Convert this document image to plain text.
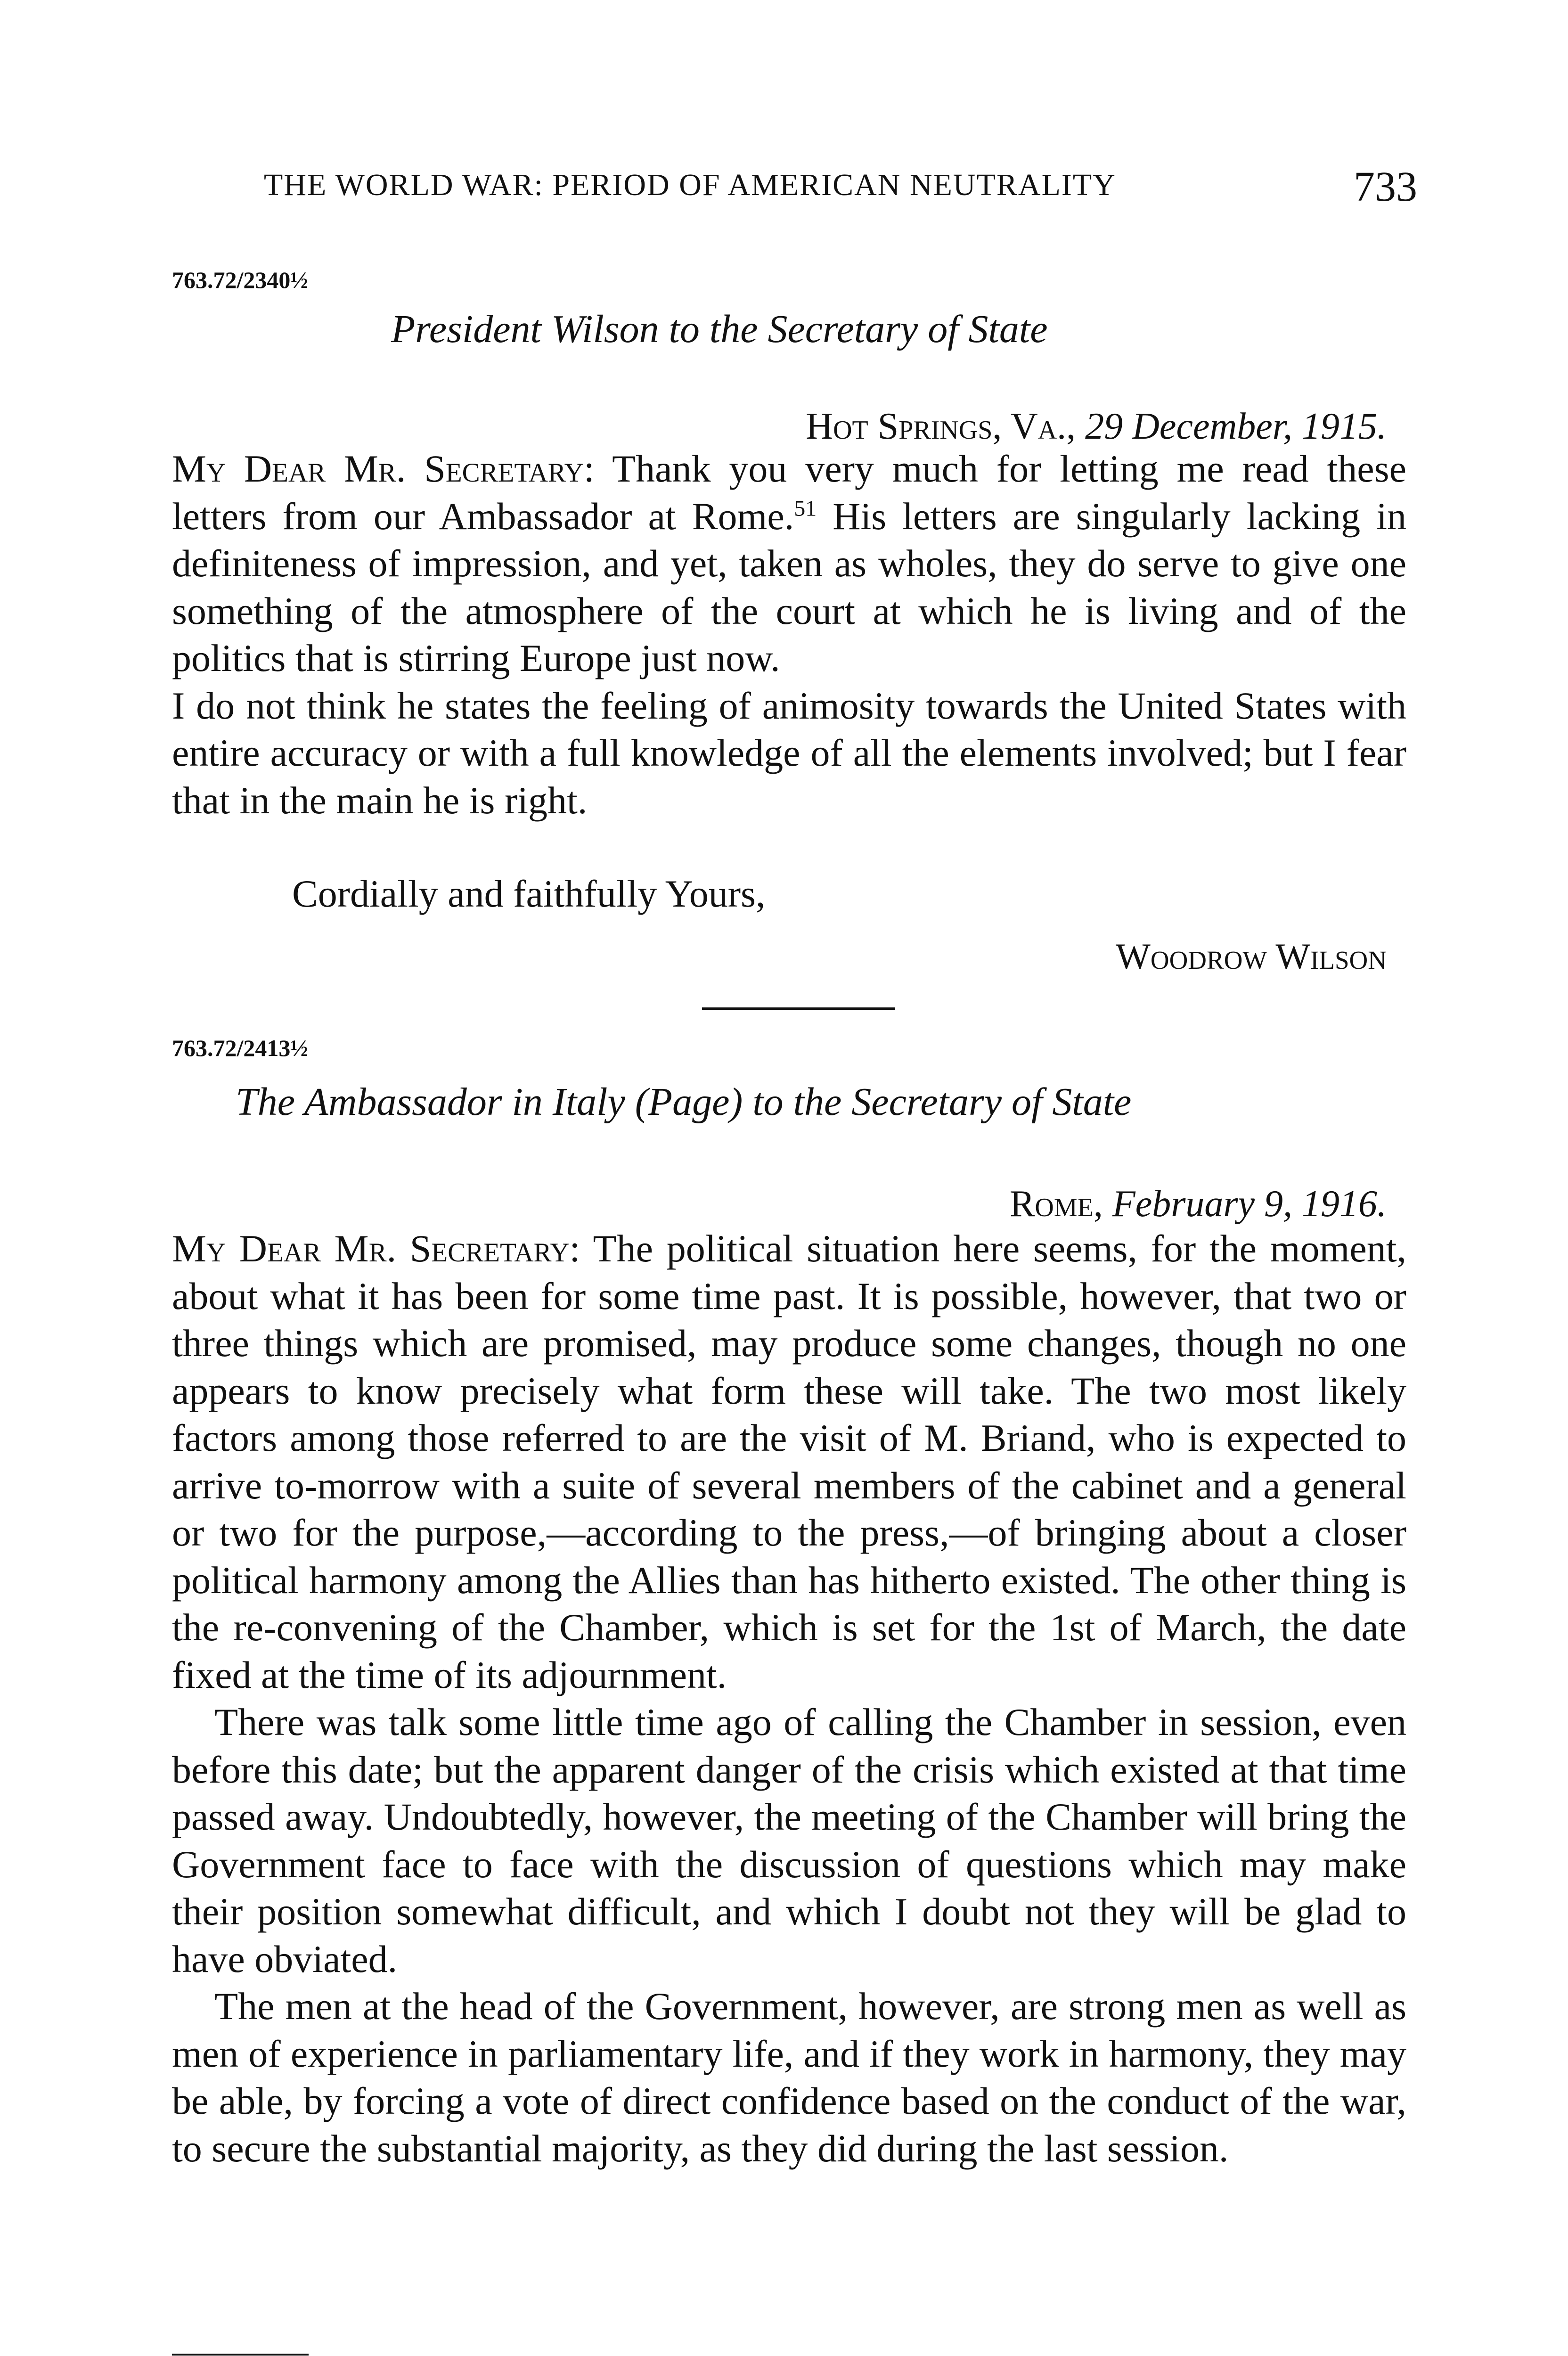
THE WORLD WAR: PERIOD OF AMERICAN NEUTRALITY	733
763.72/2340½
President Wilson to the Secretary of State
Hot Springs, Va., 29 December, 1915.

My Dear Mr. Secretary: Thank you very much for letting me read these letters from our Ambassador at Rome.$^{51}$ His letters are singularly lacking in definiteness of impression, and yet, taken as wholes, they do serve to give one something of the atmosphere of the court at which he is living and of the politics that is stirring Europe just now.

I do not think he states the feeling of animosity towards the United States with entire accuracy or with a full knowledge of all the elements involved; but I fear that in the main he is right.

Cordially and faithfully Yours,
Woodrow Wilson
763.72/2413½
The Ambassador in Italy (Page) to the Secretary of State
Rome, February 9, 1916.

My Dear Mr. Secretary: The political situation here seems, for the moment, about what it has been for some time past. It is possible, however, that two or three things which are promised, may produce some changes, though no one appears to know precisely what form these will take. The two most likely factors among those referred to are the visit of M. Briand, who is expected to arrive to-morrow with a suite of several members of the cabinet and a general or two for the purpose,—according to the press,—of bringing about a closer political harmony among the Allies than has hitherto existed. The other thing is the re-convening of the Chamber, which is set for the 1st of March, the date fixed at the time of its adjournment.

There was talk some little time ago of calling the Chamber in session, even before this date; but the apparent danger of the crisis which existed at that time passed away. Undoubtedly, however, the meeting of the Chamber will bring the Government face to face with the discussion of questions which may make their position somewhat difficult, and which I doubt not they will be glad to have obviated.

The men at the head of the Government, however, are strong men as well as men of experience in parliamentary life, and if they work in harmony, they may be able, by forcing a vote of direct confidence based on the conduct of the war, to secure the substantial majority, as they did during the last session.
